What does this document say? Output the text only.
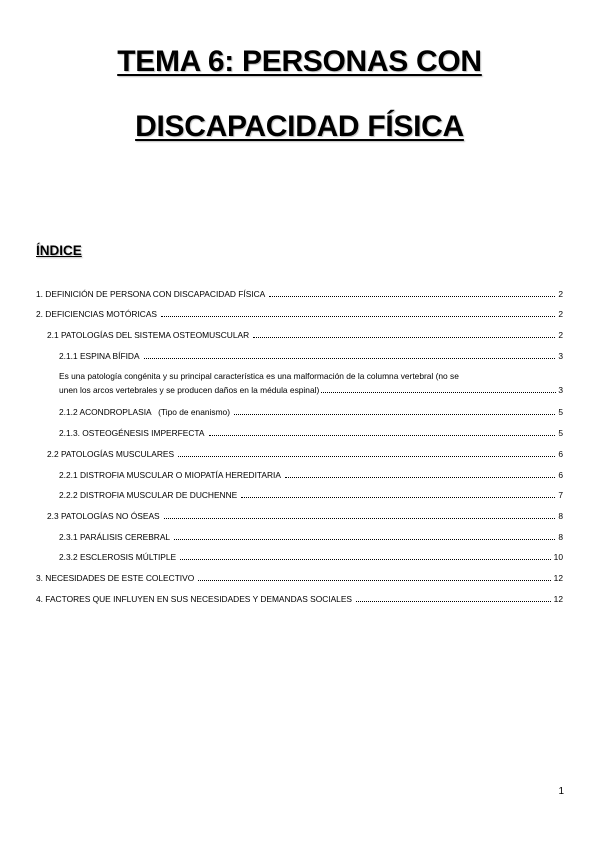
TEMA 6: PERSONAS CON
DISCAPACIDAD FÍSICA
ÍNDICE
1. DEFINICIÓN DE PERSONA CON DISCAPACIDAD FÍSICA	2
2. DEFICIENCIAS MOTÓRICAS	2
2.1 PATOLOGÍAS DEL SISTEMA OSTEOMUSCULAR	2
2.1.1 ESPINA BÍFIDA	3
Es una patología congénita y su principal característica es una malformación de la columna vertebral (no se
unen los arcos vertebrales y se producen daños en la médula espinal)	3
2.1.2 ACONDROPLASIA   (Tipo de enanismo)	5
2.1.3. OSTEOGÉNESIS IMPERFECTA	5
2.2 PATOLOGÍAS MUSCULARES	6
2.2.1 DISTROFIA MUSCULAR O MIOPATÍA HEREDITARIA	6
2.2.2 DISTROFIA MUSCULAR DE DUCHENNE	7
2.3 PATOLOGÍAS NO ÓSEAS	8
2.3.1 PARÁLISIS CEREBRAL	8
2.3.2 ESCLEROSIS MÚLTIPLE	10
3. NECESIDADES DE ESTE COLECTIVO	12
4. FACTORES QUE INFLUYEN EN SUS NECESIDADES Y DEMANDAS SOCIALES	12
1
